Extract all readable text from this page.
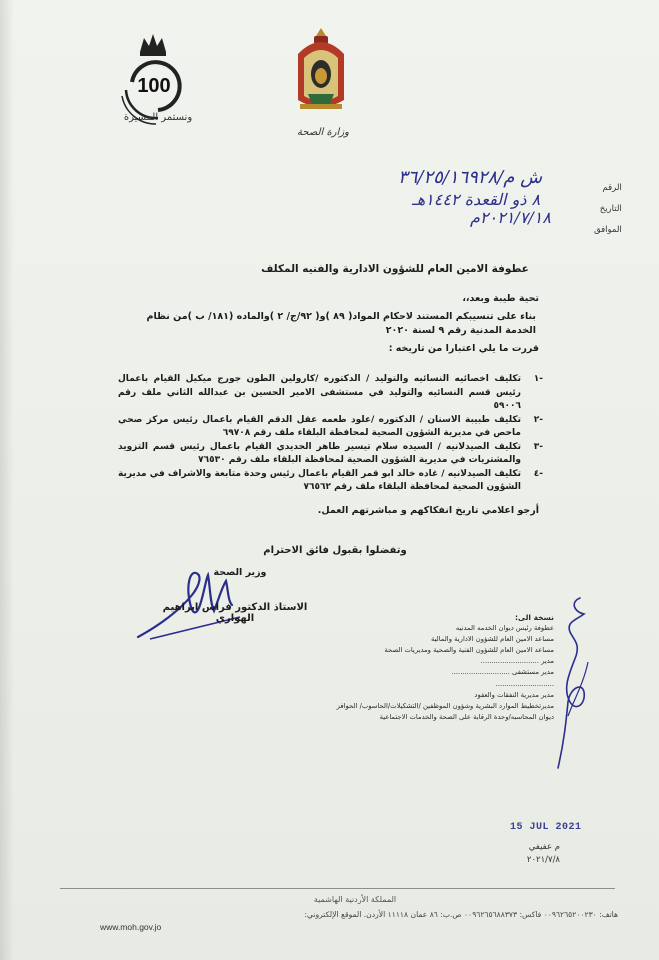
100
ونستمر المسيرة
وزارة الصحة
الرقم
التاريخ
الموافق
ش م/٣٦/٢٥/١٦٩٢٨
٨ ذو القعدة ١٤٤٢هـ
٢٠٢١/٧/١٨م
عطوفة الامين العام للشؤون الادارية والفنيه المكلف
تحية طيبة وبعد،،
بناء على تنسيبكم المستند لاحكام المواد( ٨٩ )و( ٩٢/ج/ ٢ )والماده (١٨١/ ب )من نظام الخدمة المدنية رقم ٩ لسنة ٢٠٢٠
قررت ما يلي اعتبارا من تاريخه :
-١
تكليف اخصائيه النسائيه والتوليد / الدكتوره /كارولين الطون جورج ميكيل القيام باعمال رئيس قسم النسائيه والتوليد في مستشفى الامير الحسين بن عبدالله الثاني ملف رقم ٥٩٠٠٦
-٢
تكليف طبيبة الاسنان / الدكتوره /علود طعمه عقل الدقم القيام باعمال رئيس مركز صحي ماحص في مديرية الشؤون الصحية لمحافظة البلقاء ملف رقم ٦٩٧٠٨
-٣
تكليف الصيدلانيه / السيده سلام تيسير طاهر الحديدي القيام باعمال رئيس قسم التزويد والمشتريات في مديرية الشؤون الصحية لمحافظة البلقاء ملف رقم ٧٦٥٣٠
-٤
تكليف الصيدلانيه / غاده خالد ابو قمر القيام باعمال رئيس وحدة متابعة والاشراف في مديرية الشؤون الصحية لمحافظة البلقاء ملف رقم ٧٦٥٦٢
أرجو اعلامي تاريخ انفكاكهم و مباشرتهم العمل.
وتفضلوا بقبول فائق الاحترام
وزير الصحة
الاستاذ الدكتور فراس ابراهيم الهواري	نسخة الى:
عطوفة رئيس ديوان الخدمه المدنيه
مساعد الامين العام للشؤون الادارية والمالية
مساعد الامين العام للشؤون الفنية والصحية ومديريات الصحة
مدير ...........................
مدير مستشفى ...........................
...........................
مدير مديرية النفقات والعقود
مديرتخطيط الموارد البشرية وشؤون الموظفين /التشكيلات/الحاسوب/ الحوافز
ديوان المحاسبه/وحدة الرقابة على الصحة والخدمات الاجتماعية
15 JUL 2021
م عفيفي
٢٠٢١/٧/٨
المملكة الأردنية الهاشمية
هاتف: ٠٠٩٦٢٦٥٢٠٠٢٣٠ فاكس: ٠٠٩٦٢٦٥٦٨٨٣٧٣ ص.ب: ٨٦ عمان ١١١١٨ الأردن. الموقع الإلكتروني:
www.moh.gov.jo
